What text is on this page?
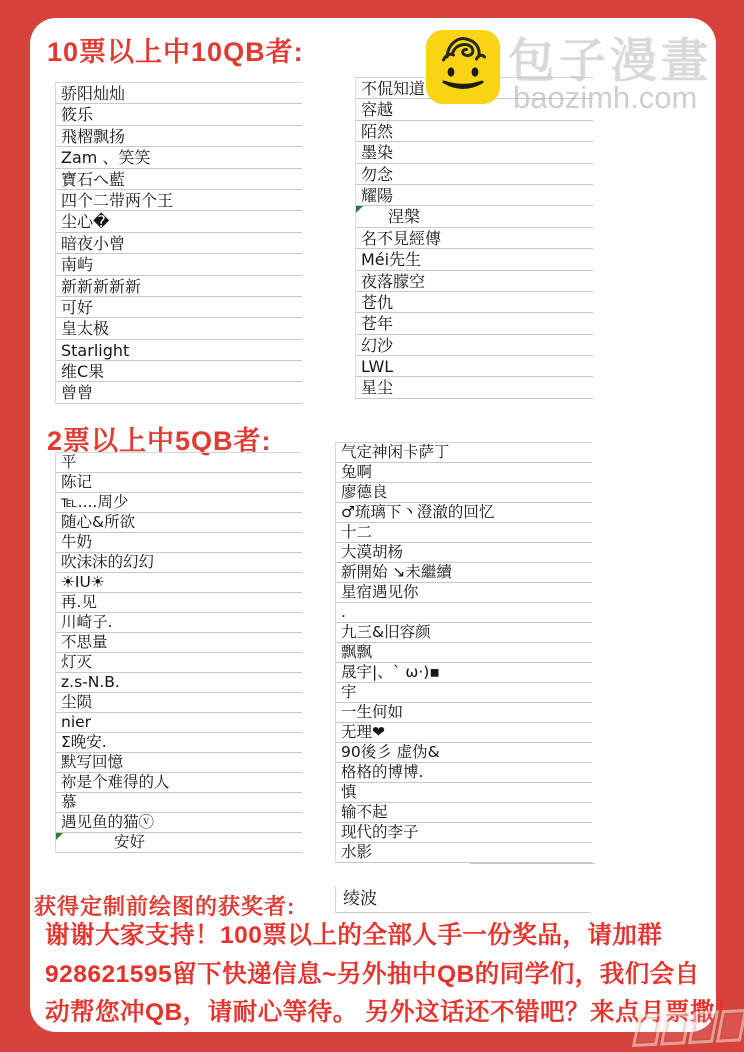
10票以上中10QB者:
骄阳灿灿
筱乐
飛槢飘扬
Zam 、笑笑
寶石へ藍
四个二带两个王
尘心�
暗夜小曾
南屿
新新新新新
可好
皇太极
Starlight
维C果
曾曾
不侃知道
容越
陌然
墨染
勿念
耀陽
涅槃
名不見經傳
Méi先生
夜落朦空
苍仇
苍年
幻沙
LWL
星尘
2票以上中5QB者:
平
陈记
℡....周少
随心&所欲
牛奶
吹沫沫的幻幻
☀IU☀
再.见
川崎子.
不思量
灯灭
z.s-N.B.
尘陨
nier
Σ晚安.
默写回憶
祢是个难得的人
慕
遇见鱼的猫ⓥ
安好
气定神闲卡萨丁
兔啊
廖德良
♂琉璃下丶澄澈的回忆
十二
大漠胡杨
新開始 ↘未繼續
星宿遇见你
.
九三&旧容颜
飘飘
晟宇|、` ω·)▪
宇
一生何如
无理❤
90後彡 虚伪&
格格的博博.
慎
输不起
现代的李子
水影
获得定制前绘图的获奖者:	绫波
谢谢大家支持！100票以上的全部人手一份奖品，请加群
928621595留下快递信息~另外抽中QB的同学们，我们会自
动帮您冲QB，请耐心等待。 另外这话还不错吧？来点月票撒！
包子漫畫
baozimh.com
